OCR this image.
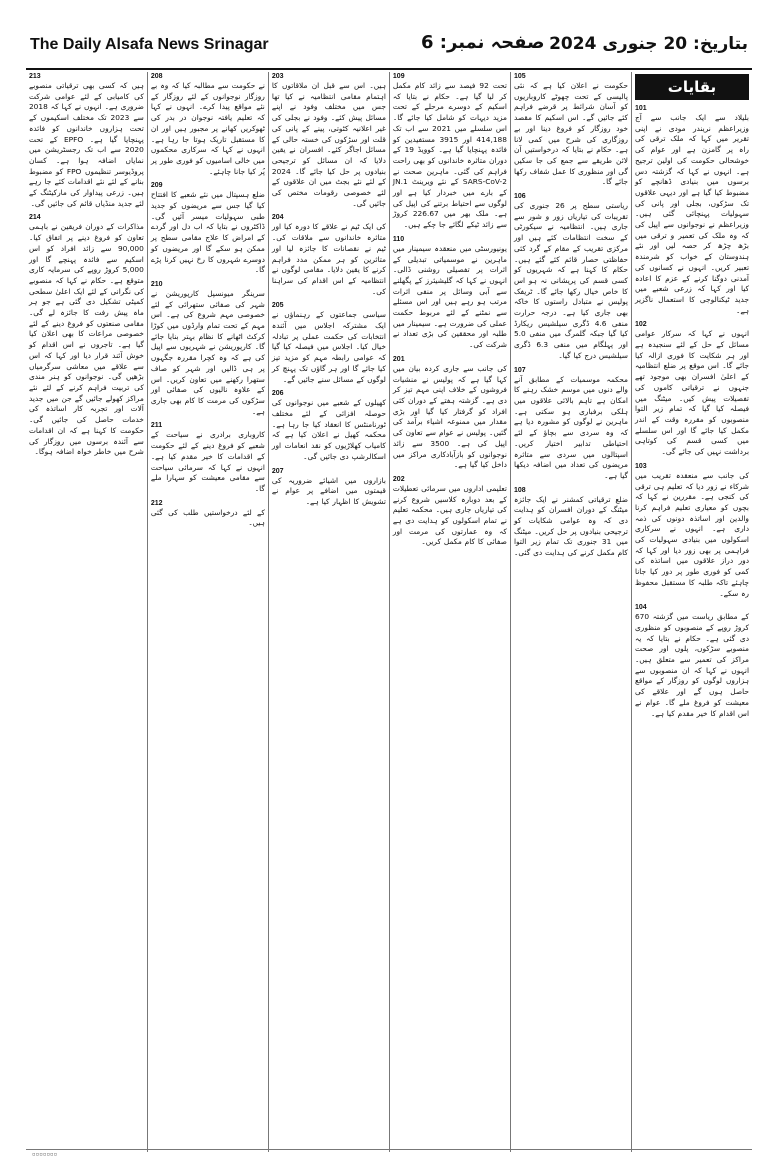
The Daily Alsafa News Srinagar	صفحہ نمبر: 6 بتاریخ: 20 جنوری 2024
بقایات
101
بلیلاد سے ایک جانب سے آج وزیراعظم نریندر مودی نے اپنی تقریر میں کہا کہ ملک ترقی کی راہ پر گامزن ہے اور عوام کی خوشحالی حکومت کی اولین ترجیح ہے۔ انہوں نے کہا کہ گزشتہ دس برسوں میں بنیادی ڈھانچے کو مضبوط کیا گیا ہے اور دیہی علاقوں تک سڑکوں، بجلی اور پانی کی سہولیات پہنچائی گئی ہیں۔ وزیراعظم نے نوجوانوں سے اپیل کی کہ وہ ملک کی تعمیر و ترقی میں بڑھ چڑھ کر حصہ لیں اور نئے ہندوستان کے خواب کو شرمندہ تعبیر کریں۔ انہوں نے کسانوں کی آمدنی دوگنا کرنے کے عزم کا اعادہ کیا اور کہا کہ زرعی شعبے میں جدید ٹیکنالوجی کا استعمال ناگزیر ہے۔
102
انہوں نے کہا کہ سرکار عوامی مسائل کے حل کے لئے سنجیدہ ہے اور ہر شکایت کا فوری ازالہ کیا جائے گا۔ اس موقع پر ضلع انتظامیہ کے اعلیٰ افسران بھی موجود تھے جنہوں نے ترقیاتی کاموں کی تفصیلات پیش کیں۔ میٹنگ میں فیصلہ کیا گیا کہ تمام زیر التوا منصوبوں کو مقررہ وقت کے اندر مکمل کیا جائے گا اور اس سلسلے میں کسی قسم کی کوتاہی برداشت نہیں کی جائے گی۔
103
کی جانب سے منعقدہ تقریب میں شرکاء نے زور دیا کہ تعلیم ہی ترقی کی کنجی ہے۔ مقررین نے کہا کہ بچوں کو معیاری تعلیم فراہم کرنا والدین اور اساتذہ دونوں کی ذمہ داری ہے۔ انہوں نے سرکاری اسکولوں میں بنیادی سہولیات کی فراہمی پر بھی زور دیا اور کہا کہ دور دراز علاقوں میں اساتذہ کی کمی کو فوری طور پر دور کیا جانا چاہئے تاکہ طلبہ کا مستقبل محفوظ رہ سکے۔
104
کے مطابق ریاست میں گزشتہ 670 کروڑ روپے کے منصوبوں کو منظوری دی گئی ہے۔ حکام نے بتایا کہ یہ منصوبے سڑکوں، پلوں اور صحت مراکز کی تعمیر سے متعلق ہیں۔ انہوں نے کہا کہ ان منصوبوں سے ہزاروں لوگوں کو روزگار کے مواقع حاصل ہوں گے اور علاقے کی معیشت کو فروغ ملے گا۔ عوام نے اس اقدام کا خیر مقدم کیا ہے۔
105
حکومت نے اعلان کیا ہے کہ نئی پالیسی کے تحت چھوٹے کاروباریوں کو آسان شرائط پر قرضے فراہم کئے جائیں گے۔ اس اسکیم کا مقصد خود روزگار کو فروغ دینا اور بے روزگاری کی شرح میں کمی لانا ہے۔ حکام نے بتایا کہ درخواستیں آن لائن طریقے سے جمع کی جا سکیں گی اور منظوری کا عمل شفاف رکھا جائے گا۔
106
ریاستی سطح پر 26 جنوری کی تقریبات کی تیاریاں زور و شور سے جاری ہیں۔ انتظامیہ نے سیکورٹی کے سخت انتظامات کئے ہیں اور مرکزی تقریب کے مقام کے گرد کئی حفاظتی حصار قائم کئے گئے ہیں۔ حکام کا کہنا ہے کہ شہریوں کو کسی قسم کی پریشانی نہ ہو اس کا خاص خیال رکھا جائے گا۔ ٹریفک پولیس نے متبادل راستوں کا خاکہ بھی جاری کیا ہے۔ درجہ حرارت منفی 4.6 ڈگری سیلشیس ریکارڈ کیا گیا جبکہ گلمرگ میں منفی 5.0 اور پہلگام میں منفی 6.3 ڈگری سیلشیس درج کیا گیا۔
107
محکمہ موسمیات کے مطابق آنے والے دنوں میں موسم خشک رہنے کا امکان ہے تاہم بالائی علاقوں میں ہلکی برفباری ہو سکتی ہے۔ ماہرین نے لوگوں کو مشورہ دیا ہے کہ وہ سردی سے بچاؤ کے لئے احتیاطی تدابیر اختیار کریں۔ اسپتالوں میں سردی سے متاثرہ مریضوں کی تعداد میں اضافہ دیکھا گیا ہے۔
108
ضلع ترقیاتی کمشنر نے ایک جائزہ میٹنگ کے دوران افسران کو ہدایت دی کہ وہ عوامی شکایات کو ترجیحی بنیادوں پر حل کریں۔ میٹنگ میں 31 جنوری تک تمام زیر التوا کام مکمل کرنے کی ہدایت دی گئی۔
109
تحت 92 فیصد سے زائد کام مکمل کر لیا گیا ہے۔ حکام نے بتایا کہ اسکیم کے دوسرے مرحلے کے تحت مزید دیہات کو شامل کیا جائے گا۔ اس سلسلے میں 2021 سے اب تک 414,188 اور 3915 مستفیدین کو فائدہ پہنچایا گیا ہے۔ کوویڈ 19 کے دوران متاثرہ خاندانوں کو بھی راحت فراہم کی گئی۔ ماہرین صحت نے SARS-CoV-2 کے نئے ویرینٹ JN.1 کے بارے میں خبردار کیا ہے اور لوگوں سے احتیاط برتنے کی اپیل کی ہے۔ ملک بھر میں 226.67 کروڑ سے زائد ٹیکے لگائے جا چکے ہیں۔
110
یونیورسٹی میں منعقدہ سیمینار میں ماہرین نے موسمیاتی تبدیلی کے اثرات پر تفصیلی روشنی ڈالی۔ انہوں نے کہا کہ گلیشیئرز کے پگھلنے سے آبی وسائل پر منفی اثرات مرتب ہو رہے ہیں اور اس مسئلے سے نمٹنے کے لئے مربوط حکمت عملی کی ضرورت ہے۔ سیمینار میں طلبہ اور محققین کی بڑی تعداد نے شرکت کی۔
201
کی جانب سے جاری کردہ بیان میں کہا گیا ہے کہ پولیس نے منشیات فروشوں کے خلاف اپنی مہم تیز کر دی ہے۔ گزشتہ ہفتے کے دوران کئی افراد کو گرفتار کیا گیا اور بڑی مقدار میں ممنوعہ اشیاء برآمد کی گئیں۔ پولیس نے عوام سے تعاون کی اپیل کی ہے۔ 3500 سے زائد نوجوانوں کو بازآبادکاری مراکز میں داخل کیا گیا ہے۔
202
تعلیمی اداروں میں سرمائی تعطیلات کے بعد دوبارہ کلاسیں شروع کرنے کی تیاریاں جاری ہیں۔ محکمہ تعلیم نے تمام اسکولوں کو ہدایت دی ہے کہ وہ عمارتوں کی مرمت اور صفائی کا کام مکمل کریں۔
203
ہیں۔ اس سے قبل ان ملاقاتوں کا اہتمام مقامی انتظامیہ نے کیا تھا جس میں مختلف وفود نے اپنے مسائل پیش کئے۔ وفود نے بجلی کی غیر اعلانیہ کٹوتی، پینے کے پانی کی قلت اور سڑکوں کی خستہ حالی کے مسائل اجاگر کئے۔ افسران نے یقین دلایا کہ ان مسائل کو ترجیحی بنیادوں پر حل کیا جائے گا۔ 2024 کے لئے نئے بجٹ میں ان علاقوں کے لئے خصوصی رقومات مختص کی جائیں گی۔
204
کی ایک ٹیم نے علاقے کا دورہ کیا اور متاثرہ خاندانوں سے ملاقات کی۔ ٹیم نے نقصانات کا جائزہ لیا اور متاثرین کو ہر ممکن مدد فراہم کرنے کا یقین دلایا۔ مقامی لوگوں نے انتظامیہ کے اس اقدام کی سراہنا کی۔
205
سیاسی جماعتوں کے رہنماؤں نے ایک مشترکہ اجلاس میں آئندہ انتخابات کی حکمت عملی پر تبادلہ خیال کیا۔ اجلاس میں فیصلہ کیا گیا کہ عوامی رابطہ مہم کو مزید تیز کیا جائے گا اور ہر گاؤں تک پہنچ کر لوگوں کے مسائل سنے جائیں گے۔
206
کھیلوں کے شعبے میں نوجوانوں کی حوصلہ افزائی کے لئے مختلف ٹورنامنٹس کا انعقاد کیا جا رہا ہے۔ محکمہ کھیل نے اعلان کیا ہے کہ کامیاب کھلاڑیوں کو نقد انعامات اور اسکالرشپ دی جائیں گی۔
207
بازاروں میں اشیائے ضروریہ کی قیمتوں میں اضافے پر عوام نے تشویش کا اظہار کیا ہے۔
208
نے حکومت سے مطالبہ کیا کہ وہ بے روزگار نوجوانوں کے لئے روزگار کے نئے مواقع پیدا کرے۔ انہوں نے کہا کہ تعلیم یافتہ نوجوان در بدر کی ٹھوکریں کھانے پر مجبور ہیں اور ان کا مستقبل تاریک ہوتا جا رہا ہے۔ انہوں نے کہا کہ سرکاری محکموں میں خالی اسامیوں کو فوری طور پر پُر کیا جانا چاہئے۔
209
ضلع ہسپتال میں نئے شعبے کا افتتاح کیا گیا جس سے مریضوں کو جدید طبی سہولیات میسر آئیں گی۔ ڈاکٹروں نے بتایا کہ اب دل اور گردے کے امراض کا علاج مقامی سطح پر ممکن ہو سکے گا اور مریضوں کو دوسرے شہروں کا رخ نہیں کرنا پڑے گا۔
210
سرینگر میونسپل کارپوریشن نے شہر کی صفائی ستھرائی کے لئے خصوصی مہم شروع کی ہے۔ اس مہم کے تحت تمام وارڈوں میں کوڑا کرکٹ اٹھانے کا نظام بہتر بنایا جائے گا۔ کارپوریشن نے شہریوں سے اپیل کی ہے کہ وہ کچرا مقررہ جگہوں پر ہی ڈالیں اور شہر کو صاف ستھرا رکھنے میں تعاون کریں۔ اس کے علاوہ نالیوں کی صفائی اور سڑکوں کی مرمت کا کام بھی جاری ہے۔
211
کاروباری برادری نے سیاحت کے شعبے کو فروغ دینے کے لئے حکومت کے اقدامات کا خیر مقدم کیا ہے۔ انہوں نے کہا کہ سرمائی سیاحت سے مقامی معیشت کو سہارا ملے گا۔
212
کے لئے درخواستیں طلب کی گئی ہیں۔
213
ہیں کہ کسی بھی ترقیاتی منصوبے کی کامیابی کے لئے عوامی شرکت ضروری ہے۔ انہوں نے کہا کہ 2018 سے 2023 تک مختلف اسکیموں کے تحت ہزاروں خاندانوں کو فائدہ پہنچایا گیا ہے۔ EPFO کے تحت 2020 سے اب تک رجسٹریشن میں نمایاں اضافہ ہوا ہے۔ کسان پروڈیوسر تنظیموں FPO کو مضبوط بنانے کے لئے نئے اقدامات کئے جا رہے ہیں۔ زرعی پیداوار کی مارکیٹنگ کے لئے جدید منڈیاں قائم کی جائیں گی۔
214
مذاکرات کے دوران فریقین نے باہمی تعاون کو فروغ دینے پر اتفاق کیا۔ 90,000 سے زائد افراد کو اس اسکیم سے فائدہ پہنچے گا اور 5,000 کروڑ روپے کی سرمایہ کاری متوقع ہے۔ حکام نے کہا کہ منصوبے کی نگرانی کے لئے ایک اعلیٰ سطحی کمیٹی تشکیل دی گئی ہے جو ہر ماہ پیش رفت کا جائزہ لے گی۔ مقامی صنعتوں کو فروغ دینے کے لئے خصوصی مراعات کا بھی اعلان کیا گیا ہے۔ تاجروں نے اس اقدام کو خوش آئند قرار دیا اور کہا کہ اس سے علاقے میں معاشی سرگرمیاں بڑھیں گی۔ نوجوانوں کو ہنر مندی کی تربیت فراہم کرنے کے لئے نئے مراکز کھولے جائیں گے جن میں جدید آلات اور تجربہ کار اساتذہ کی خدمات حاصل کی جائیں گی۔ حکومت کا کہنا ہے کہ ان اقدامات سے آئندہ برسوں میں روزگار کی شرح میں خاطر خواہ اضافہ ہوگا۔
▫▫▫▫▫▫▫
